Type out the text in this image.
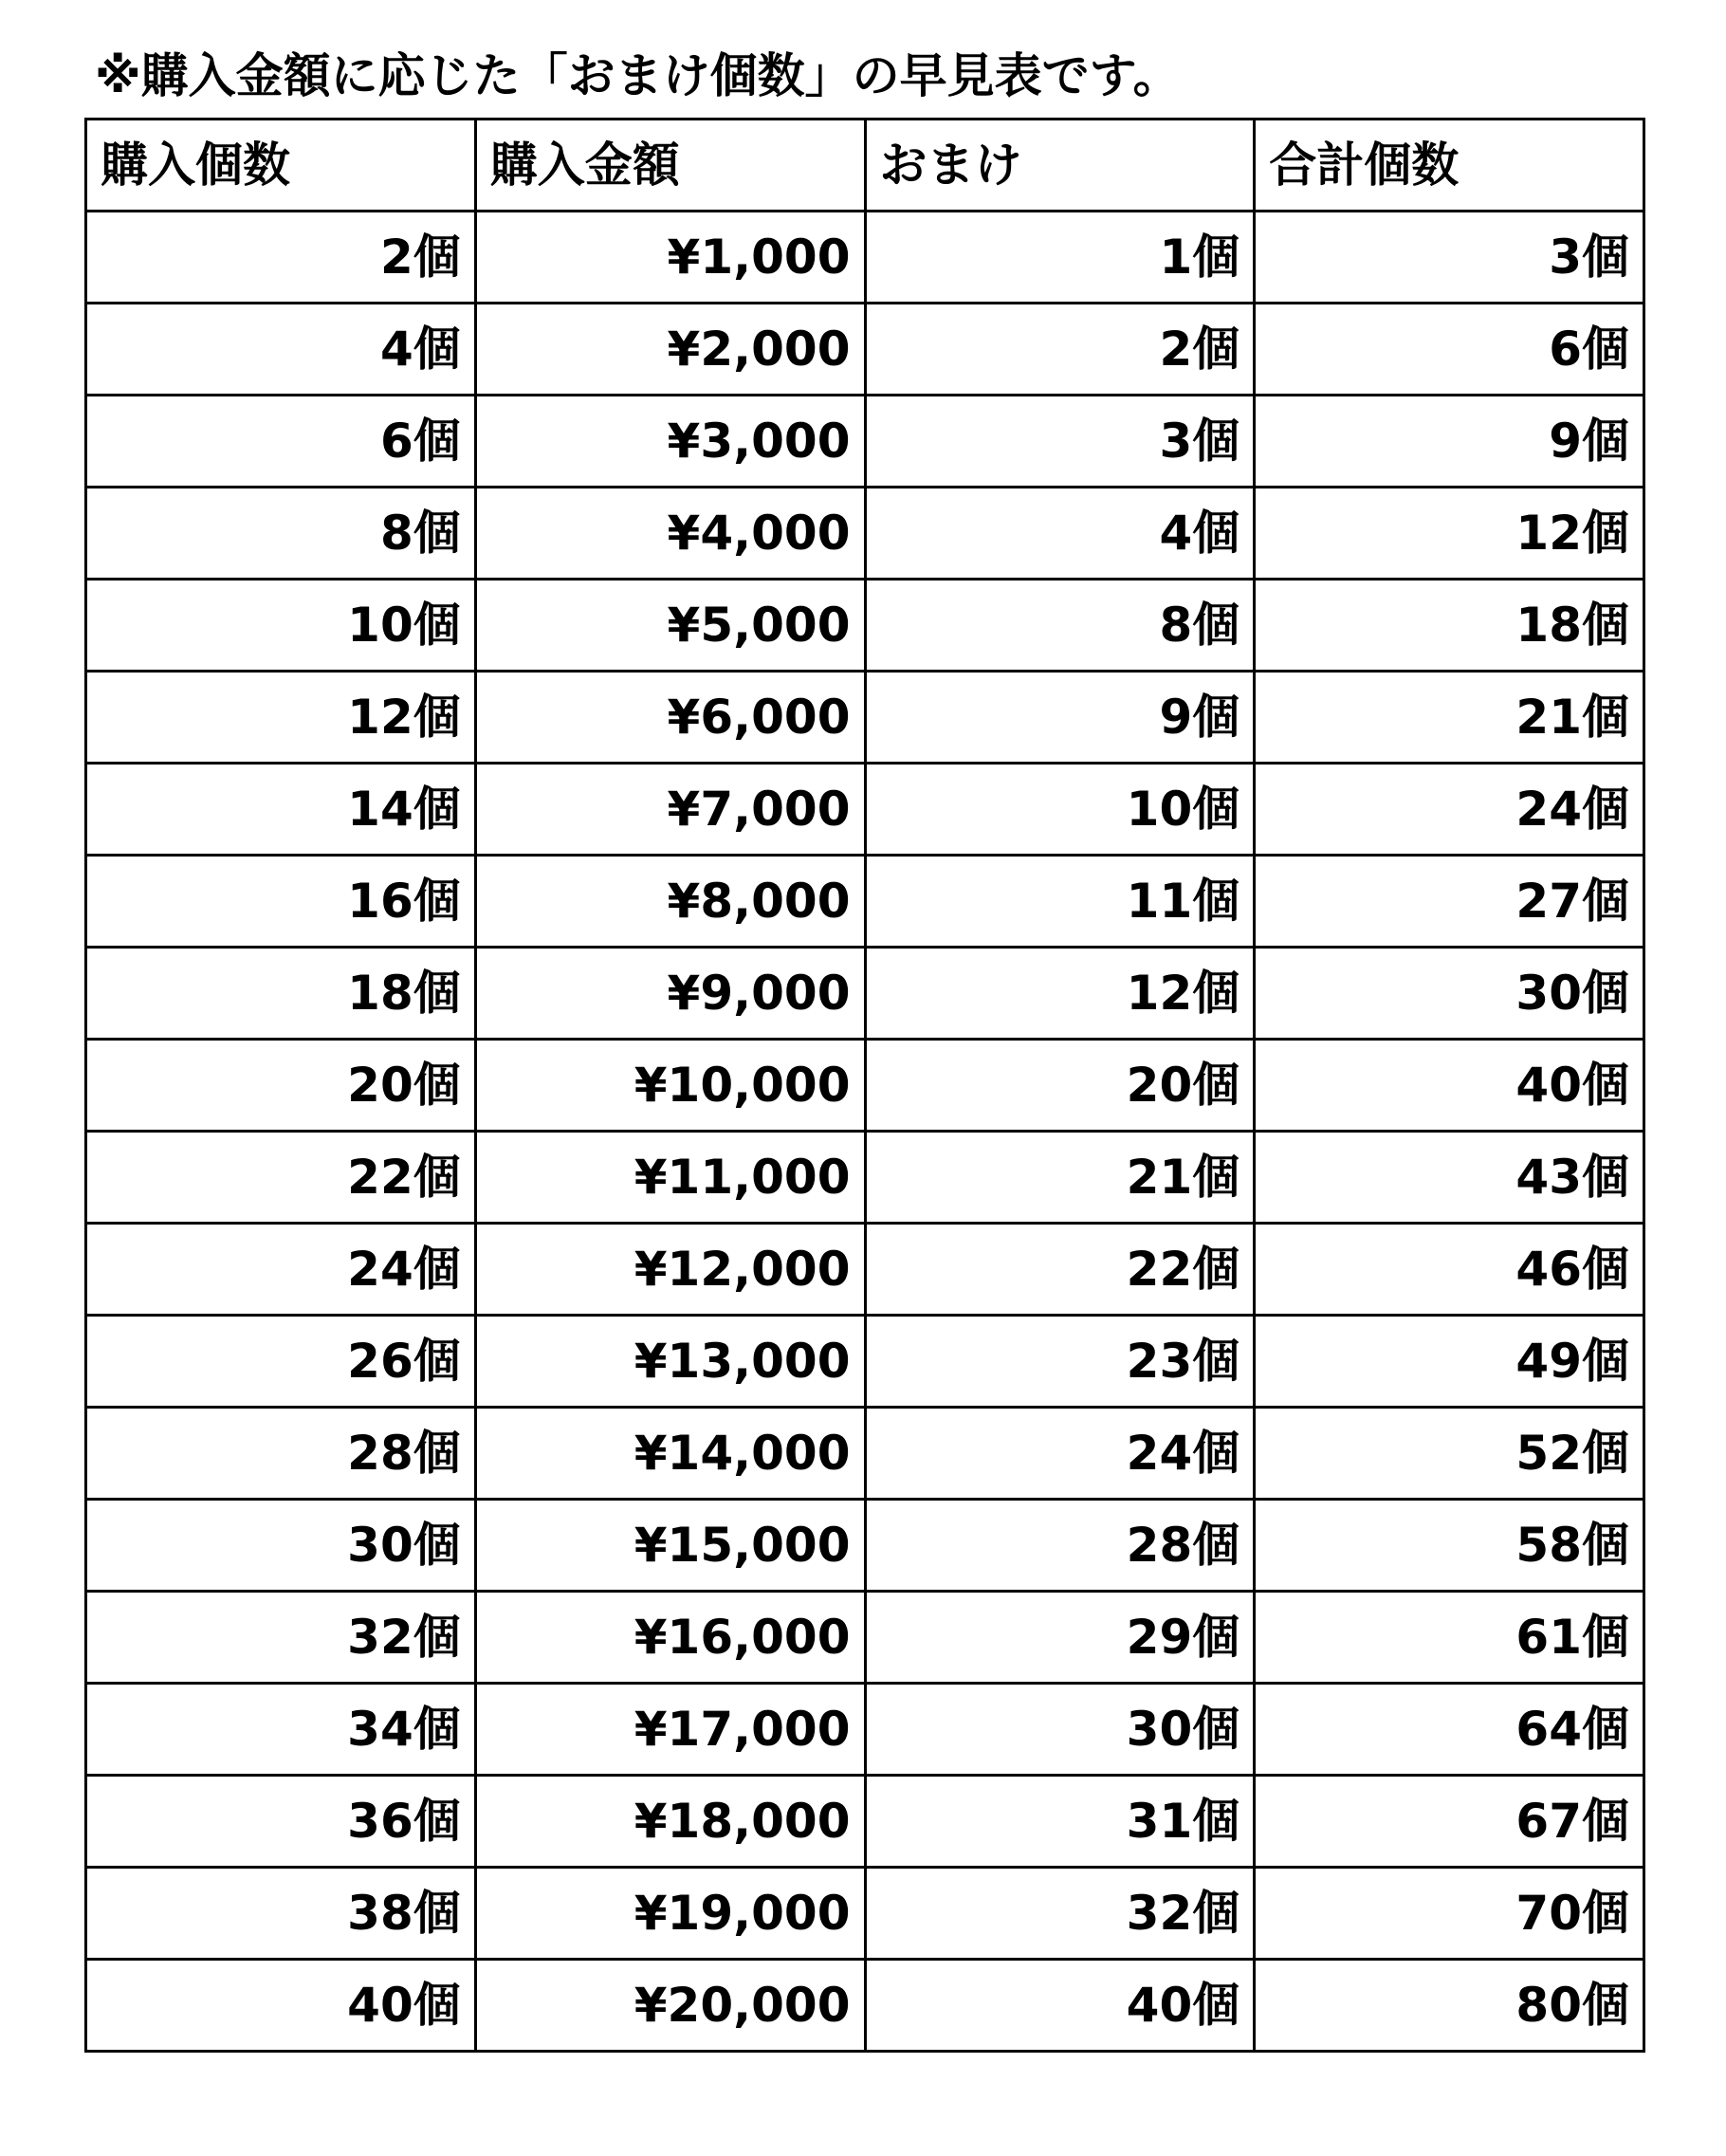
※購入金額に応じた「おまけ個数」の早見表です。
購入個数	購入金額	おまけ	合計個数
2個	¥1,000	1個	3個
4個	¥2,000	2個	6個
6個	¥3,000	3個	9個
8個	¥4,000	4個	12個
10個	¥5,000	8個	18個
12個	¥6,000	9個	21個
14個	¥7,000	10個	24個
16個	¥8,000	11個	27個
18個	¥9,000	12個	30個
20個	¥10,000	20個	40個
22個	¥11,000	21個	43個
24個	¥12,000	22個	46個
26個	¥13,000	23個	49個
28個	¥14,000	24個	52個
30個	¥15,000	28個	58個
32個	¥16,000	29個	61個
34個	¥17,000	30個	64個
36個	¥18,000	31個	67個
38個	¥19,000	32個	70個
40個	¥20,000	40個	80個
